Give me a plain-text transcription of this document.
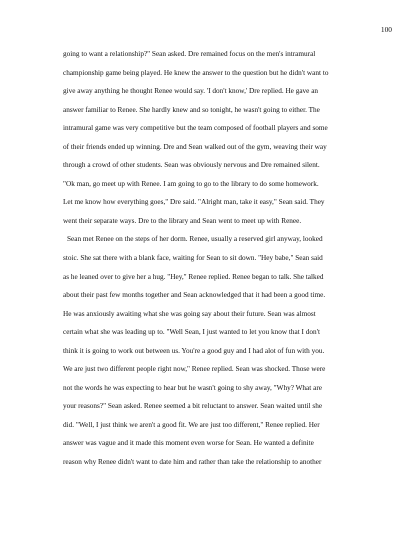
100
going to want a relationship?" Sean asked. Dre remained focus on the men's intramural
championship game being played. He knew the answer to the question but he didn't want to
give away anything he thought Renee would say. 'I don't know,' Dre replied. He gave an
answer familiar to Renee. She hardly knew and so tonight, he wasn't going to either. The
intramural game was very competitive but the team composed of football players and some
of their friends ended up winning. Dre and Sean walked out of the gym, weaving their way
through a crowd of other students. Sean was obviously nervous and Dre remained silent.
"Ok man, go meet up with Renee. I am going to go to the library to do some homework.
Let me know how everything goes," Dre said. "Alright man, take it easy," Sean said. They
went their separate ways. Dre to the library and Sean went to meet up with Renee.
Sean met Renee on the steps of her dorm. Renee, usually a reserved girl anyway, looked
stoic. She sat there with a blank face, waiting for Sean to sit down. "Hey babe," Sean said
as he leaned over to give her a hug. "Hey," Renee replied. Renee began to talk. She talked
about their past few months together and Sean acknowledged that it had been a good time.
He was anxiously awaiting what she was going say about their future. Sean was almost
certain what she was leading up to. "Well Sean, I just wanted to let you know that I don't
think it is going to work out between us. You're a good guy and I had alot of fun with you.
We are just two different people right now," Renee replied. Sean was shocked. Those were
not the words he was expecting to hear but he wasn't going to shy away, "Why? What are
your reasons?" Sean asked. Renee seemed a bit reluctant to answer. Sean waited until she
did. "Well, I just think we aren't a good fit. We are just too different," Renee replied. Her
answer was vague and it made this moment even worse for Sean. He wanted a definite
reason why Renee didn't want to date him and rather than take the relationship to another
